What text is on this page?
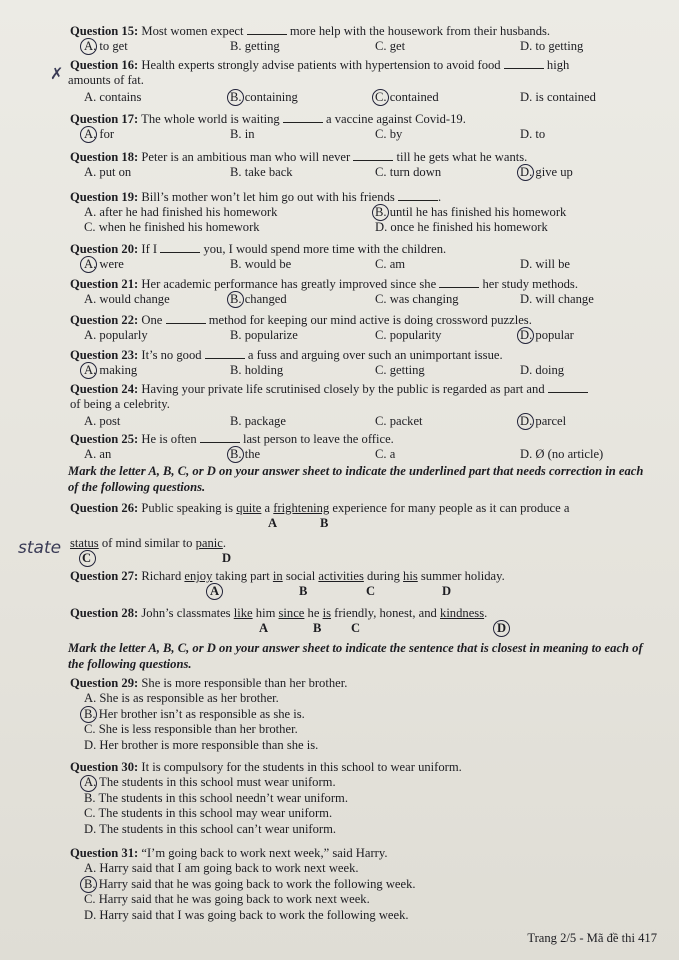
Question 15: Most women expect	more help with the housework from their husbands.
A. to get	B. getting	C. get	D. to getting
Question 16: Health experts strongly advise patients with hypertension to avoid food	high
amounts of fat.
A. contains	B. containing	C. contained	D. is contained
✗
Question 17: The whole world is waiting	a vaccine against Covid-19.
A. for	B. in	C. by	D. to
Question 18: Peter is an ambitious man who will never	till he gets what he wants.
A. put on	B. take back	C. turn down	D. give up
Question 19: Bill’s mother won’t let him go out with his friends	.
A. after he had finished his homework	B. until he has finished his homework
C. when he finished his homework	D. once he finished his homework
Question 20: If I	you, I would spend more time with the children.
A. were	B. would be	C. am	D. will be
Question 21: Her academic performance has greatly improved since she	her study methods.
A. would change	B. changed	C. was changing	D. will change
Question 22: One	method for keeping our mind active is doing crossword puzzles.
A. popularly	B. popularize	C. popularity	D. popular
Question 23: It’s no good	a fuss and arguing over such an unimportant issue.
A. making	B. holding	C. getting	D. doing
Question 24: Having your private life scrutinised closely by the public is regarded as part and
of being a celebrity.
A. post	B. package	C. packet	D. parcel
Question 25: He is often	last person to leave the office.
A. an	B. the	C. a	D. Ø (no article)
Mark the letter A, B, C, or D on your answer sheet to indicate the underlined part that needs correction in each of the following questions.
Question 26: Public speaking is quite a frightening experience for many people as it can produce a
A	B
status of mind similar to panic.
C	D
state
Question 27: Richard enjoy taking part in social activities during his summer holiday.
A	B	C	D
Question 28: John’s classmates like him since he is friendly, honest, and kindness.
A	B C	D
Mark the letter A, B, C, or D on your answer sheet to indicate the sentence that is closest in meaning to each of the following questions.
Question 29: She is more responsible than her brother.
A. She is as responsible as her brother.
B. Her brother isn’t as responsible as she is.
C. She is less responsible than her brother.
D. Her brother is more responsible than she is.
Question 30: It is compulsory for the students in this school to wear uniform.
A. The students in this school must wear uniform.
B. The students in this school needn’t wear uniform.
C. The students in this school may wear uniform.
D. The students in this school can’t wear uniform.
Question 31: “I’m going back to work next week,” said Harry.
A. Harry said that I am going back to work next week.
B. Harry said that he was going back to work the following week.
C. Harry said that he was going back to work next week.
D. Harry said that I was going back to work the following week.
Trang 2/5 - Mã đề thi 417
